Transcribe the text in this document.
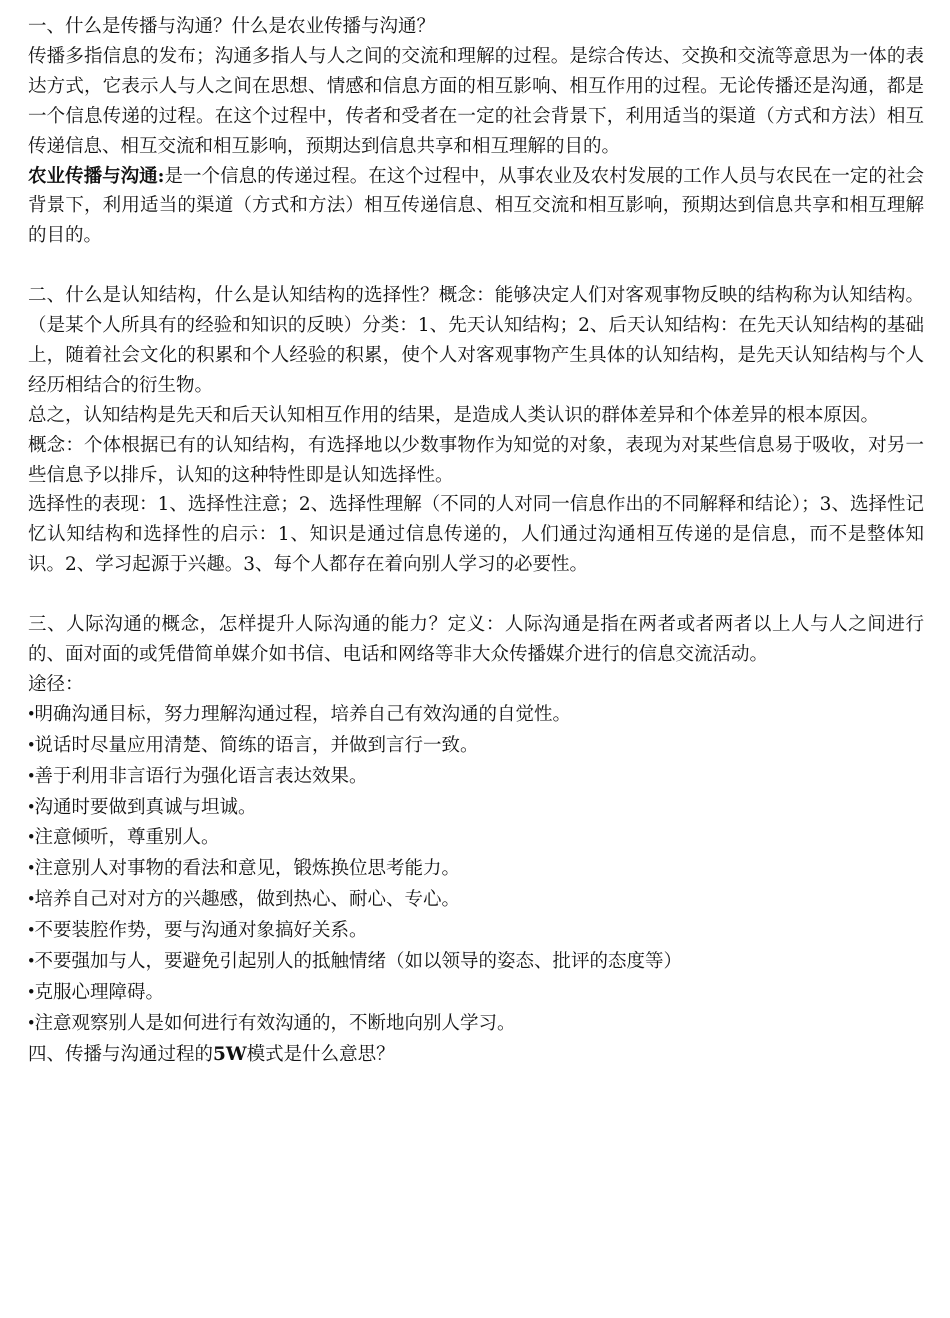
一、什么是传播与沟通？什么是农业传播与沟通？

传播多指信息的发布；沟通多指人与人之间的交流和理解的过程。是综合传达、交换和交流等意思为一体的表达方式，它表示人与人之间在思想、情感和信息方面的相互影响、相互作用的过程。无论传播还是沟通，都是一个信息传递的过程。在这个过程中，传者和受者在一定的社会背景下，利用适当的渠道（方式和方法）相互传递信息、相互交流和相互影响，预期达到信息共享和相互理解的目的。

农业传播与沟通:是一个信息的传递过程。在这个过程中，从事农业及农村发展的工作人员与农民在一定的社会背景下，利用适当的渠道（方式和方法）相互传递信息、相互交流和相互影响，预期达到信息共享和相互理解的目的。

二、什么是认知结构，什么是认知结构的选择性？概念：能够决定人们对客观事物反映的结构称为认知结构。（是某个人所具有的经验和知识的反映）分类：1、先天认知结构；2、后天认知结构：在先天认知结构的基础上，随着社会文化的积累和个人经验的积累，使个人对客观事物产生具体的认知结构，是先天认知结构与个人经历相结合的衍生物。

总之，认知结构是先天和后天认知相互作用的结果，是造成人类认识的群体差异和个体差异的根本原因。

概念：个体根据已有的认知结构，有选择地以少数事物作为知觉的对象，表现为对某些信息易于吸收，对另一些信息予以排斥，认知的这种特性即是认知选择性。

选择性的表现：1、选择性注意；2、选择性理解（不同的人对同一信息作出的不同解释和结论）；3、选择性记忆认知结构和选择性的启示：1、知识是通过信息传递的，人们通过沟通相互传递的是信息，而不是整体知识。2、学习起源于兴趣。3、每个人都存在着向别人学习的必要性。

三、人际沟通的概念，怎样提升人际沟通的能力？定义：人际沟通是指在两者或者两者以上人与人之间进行的、面对面的或凭借简单媒介如书信、电话和网络等非大众传播媒介进行的信息交流活动。

途径：

•明确沟通目标，努力理解沟通过程，培养自己有效沟通的自觉性。
•说话时尽量应用清楚、简练的语言，并做到言行一致。
•善于利用非言语行为强化语言表达效果。
•沟通时要做到真诚与坦诚。
•注意倾听，尊重别人。
•注意别人对事物的看法和意见，锻炼换位思考能力。
•培养自己对对方的兴趣感，做到热心、耐心、专心。
•不要装腔作势，要与沟通对象搞好关系。
•不要强加与人，要避免引起别人的抵触情绪（如以领导的姿态、批评的态度等）
•克服心理障碍。
•注意观察别人是如何进行有效沟通的，不断地向别人学习。

四、传播与沟通过程的5W模式是什么意思？
